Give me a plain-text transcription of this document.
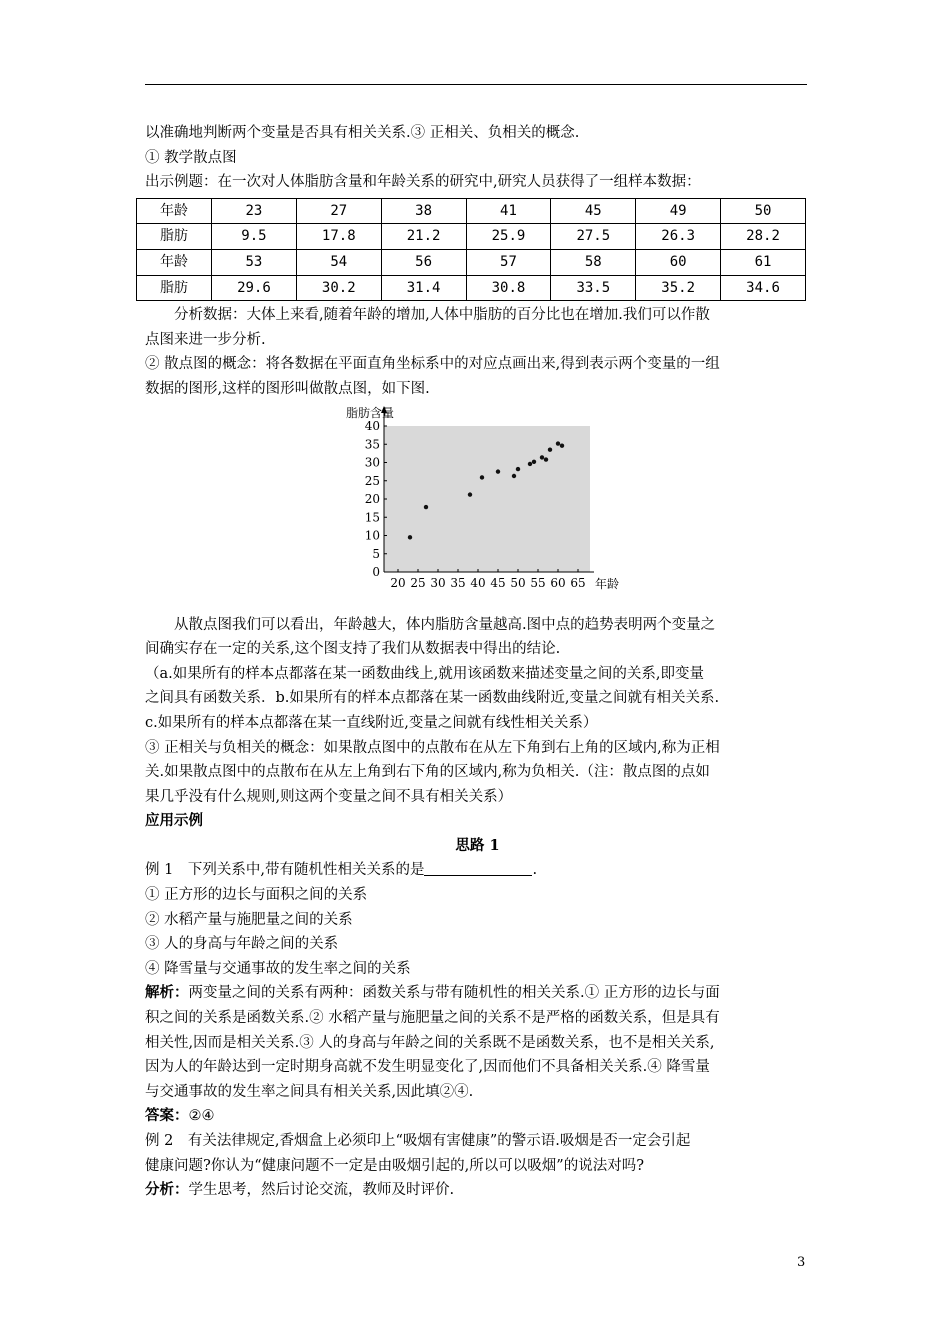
以准确地判断两个变量是否具有相关关系.③ 正相关、负相关的概念.
① 教学散点图
出示例题：在一次对人体脂肪含量和年龄关系的研究中,研究人员获得了一组样本数据：
年龄	23	27	38	41	45	49	50
脂肪	9.5	17.8	21.2	25.9	27.5	26.3	28.2
年龄	53	54	56	57	58	60	61
脂肪	29.6	30.2	31.4	30.8	33.5	35.2	34.6
分析数据：大体上来看,随着年龄的增加,人体中脂肪的百分比也在增加.我们可以作散
点图来进一步分析.
② 散点图的概念：将各数据在平面直角坐标系中的对应点画出来,得到表示两个变量的一组
数据的图形,这样的图形叫做散点图，如下图.
0
5
10
15
20
25
30
35
40
20 25 30 35 40 45 50 55 60 65
脂肪含量
年龄
从散点图我们可以看出，年龄越大，体内脂肪含量越高.图中点的趋势表明两个变量之
间确实存在一定的关系,这个图支持了我们从数据表中得出的结论.
（a.如果所有的样本点都落在某一函数曲线上,就用该函数来描述变量之间的关系,即变量
之间具有函数关系．b.如果所有的样本点都落在某一函数曲线附近,变量之间就有相关关系.
c.如果所有的样本点都落在某一直线附近,变量之间就有线性相关关系）
③ 正相关与负相关的概念：如果散点图中的点散布在从左下角到右上角的区域内,称为正相
关.如果散点图中的点散布在从左上角到右下角的区域内,称为负相关.（注：散点图的点如
果几乎没有什么规则,则这两个变量之间不具有相关关系）
应用示例
思路 1
例 1　下列关系中,带有随机性相关关系的是	.
① 正方形的边长与面积之间的关系
② 水稻产量与施肥量之间的关系
③ 人的身高与年龄之间的关系
④ 降雪量与交通事故的发生率之间的关系
解析：两变量之间的关系有两种：函数关系与带有随机性的相关关系.① 正方形的边长与面
积之间的关系是函数关系.② 水稻产量与施肥量之间的关系不是严格的函数关系，但是具有
相关性,因而是相关关系.③ 人的身高与年龄之间的关系既不是函数关系，也不是相关关系,
因为人的年龄达到一定时期身高就不发生明显变化了,因而他们不具备相关关系.④ 降雪量
与交通事故的发生率之间具有相关关系,因此填②④.
答案：②④
例 2　有关法律规定,香烟盒上必须印上“吸烟有害健康”的警示语.吸烟是否一定会引起
健康问题?你认为“健康问题不一定是由吸烟引起的,所以可以吸烟”的说法对吗?
分析：学生思考，然后讨论交流，教师及时评价.
3
